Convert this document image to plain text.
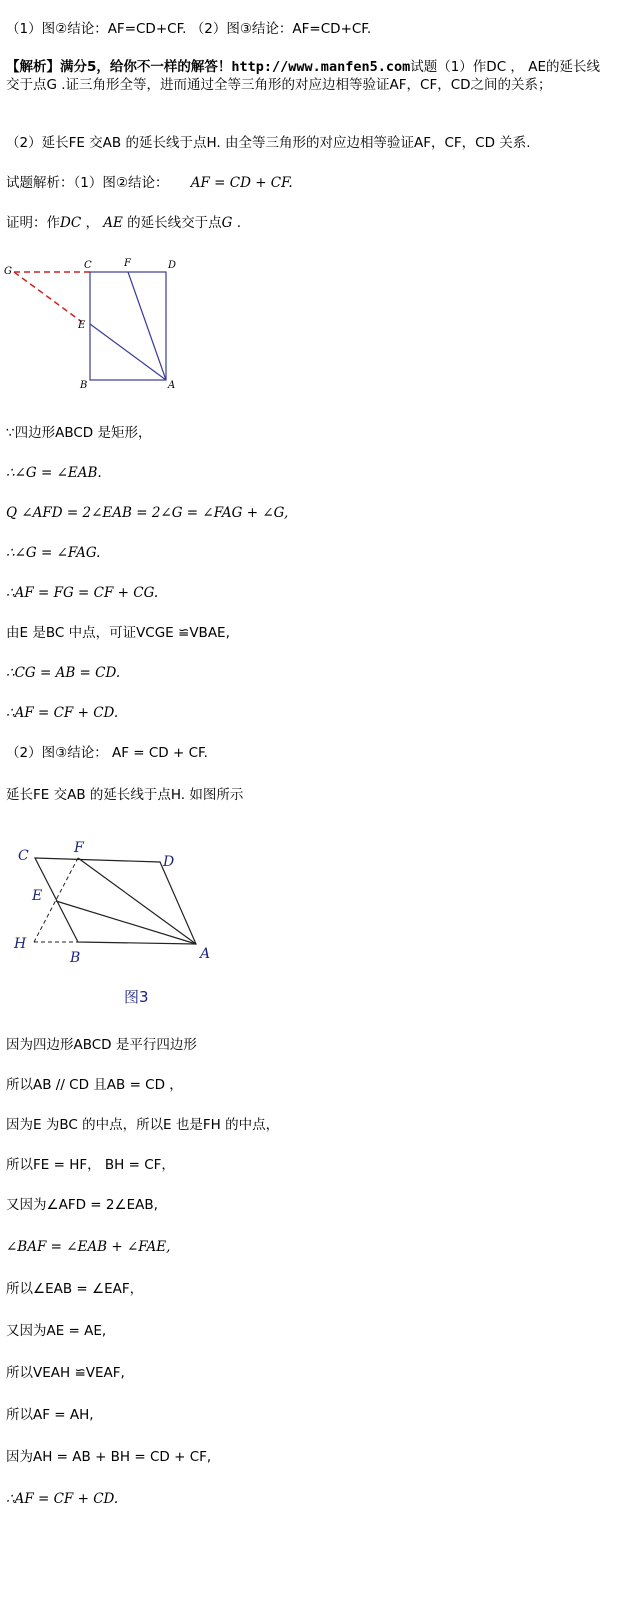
（1）图②结论：AF=CD+CF. （2）图③结论：AF=CD+CF.
【解析】满分5，给你不一样的解答！http://www.manfen5.com试题（1）作DC ， AE的延长线交于点G .证三角形全等，进而通过全等三角形的对应边相等验证AF，CF，CD之间的关系；
（2）延长FE 交AB 的延长线于点H. 由全等三角形的对应边相等验证AF，CF，CD 关系.
试题解析：（1）图②结论： AF = CD + CF.
证明：作DC ， AE 的延长线交于点G .
G
C	F	D
E
B	A
∵四边形ABCD 是矩形，
∴∠G = ∠EAB.
Q ∠AFD = 2∠EAB = 2∠G = ∠FAG + ∠G,
∴∠G = ∠FAG.
∴AF = FG = CF + CG.
由E 是BC 中点，可证VCGE ≌VBAE,
∴CG = AB = CD.
∴AF = CF + CD.
（2）图③结论： AF = CD + CF.
延长FE 交AB 的延长线于点H. 如图所示
C	F
D
E
H
B	A
图3
因为四边形ABCD 是平行四边形
所以AB // CD 且AB = CD ，
因为E 为BC 的中点，所以E 也是FH 的中点，
所以FE = HF， BH = CF，
又因为∠AFD = 2∠EAB,
∠BAF = ∠EAB + ∠FAE,
所以∠EAB = ∠EAF，
又因为AE = AE,
所以VEAH ≌VEAF,
所以AF = AH,
因为AH = AB + BH = CD + CF,
∴AF = CF + CD.
